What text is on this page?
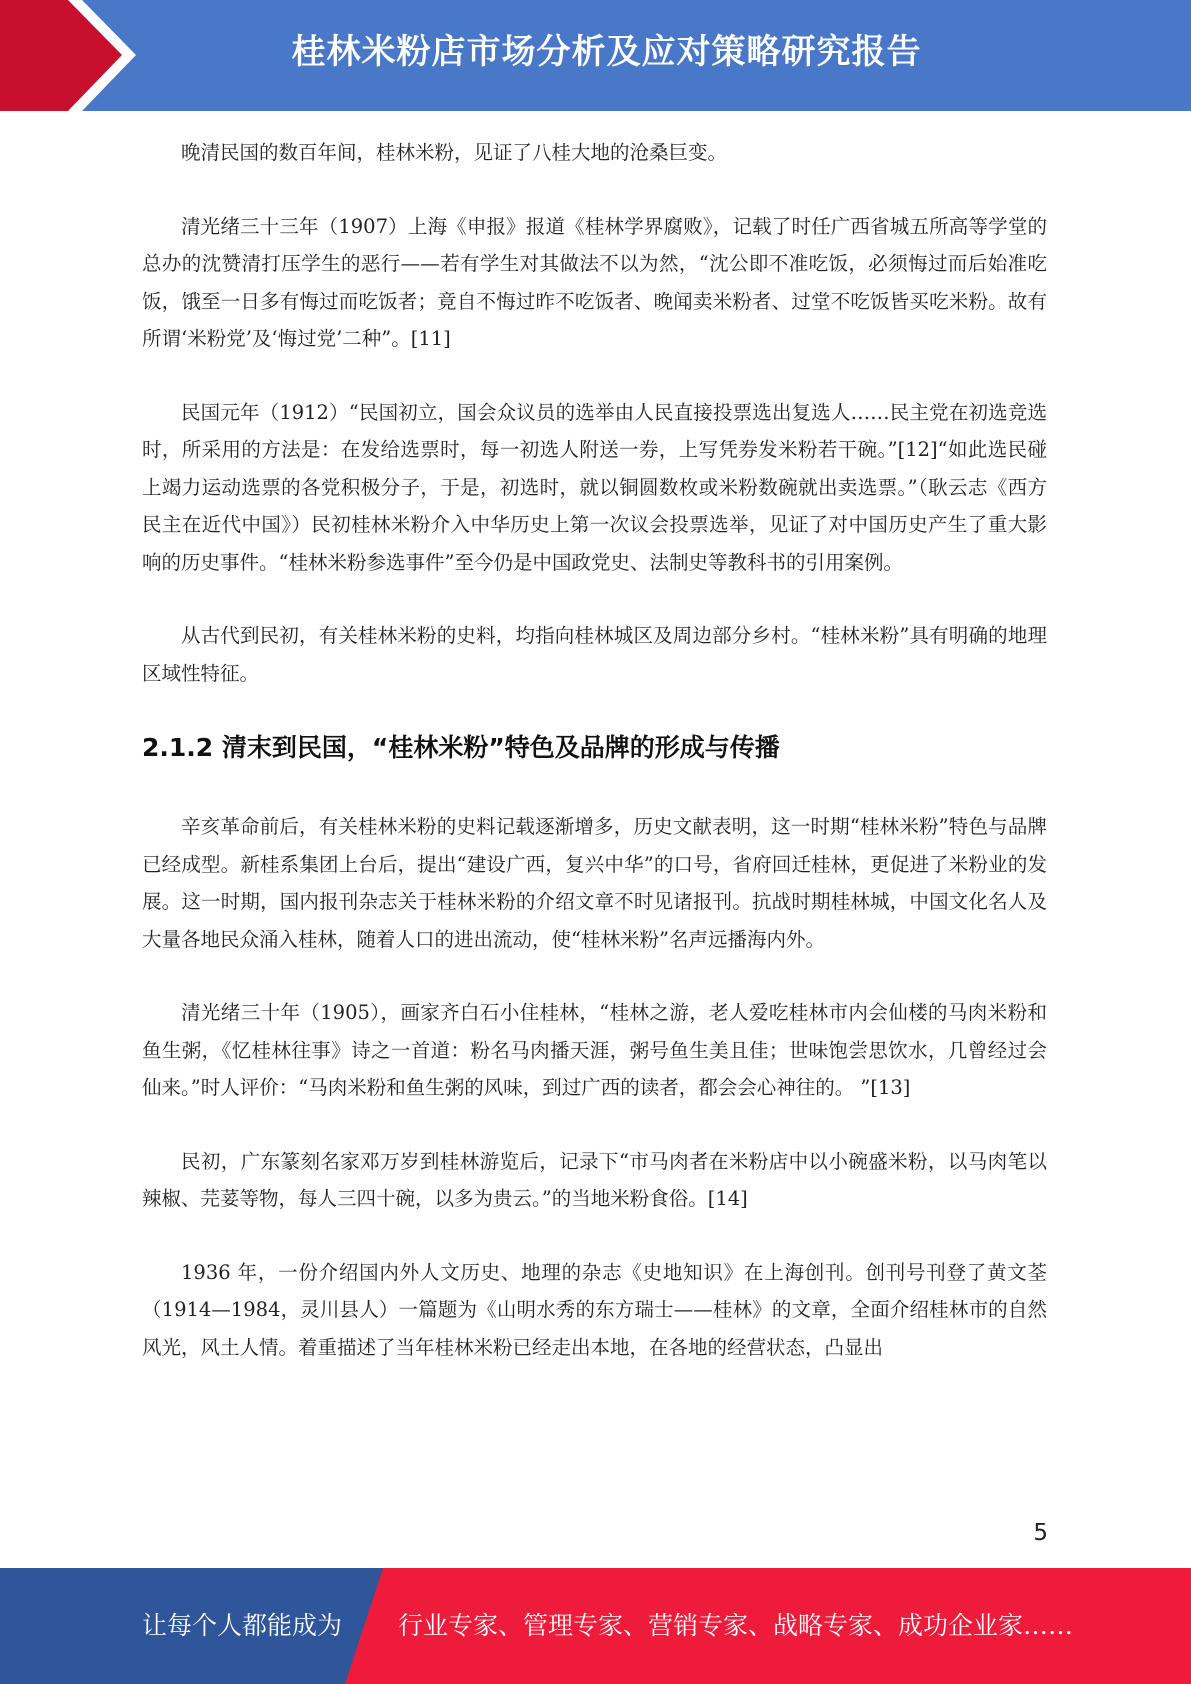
桂林米粉店市场分析及应对策略研究报告

晚清民国的数百年间，桂林米粉，见证了八桂大地的沧桑巨变。

清光绪三十三年（1907）上海《申报》报道《桂林学界腐败》，记载了时任广西省城五所高等学堂的总办的沈赞清打压学生的恶行——若有学生对其做法不以为然，“沈公即不准吃饭，必须悔过而后始准吃饭，饿至一日多有悔过而吃饭者；竟自不悔过昨不吃饭者、晚闻卖米粉者、过堂不吃饭皆买吃米粉。故有所谓‘米粉党’及‘悔过党’二种”。[11]

民国元年（1912）“民国初立，国会众议员的选举由人民直接投票选出复选人……民主党在初选竞选时，所采用的方法是：在发给选票时，每一初选人附送一券，上写凭券发米粉若干碗。”[12]“如此选民碰上竭力运动选票的各党积极分子，于是，初选时，就以铜圆数枚或米粉数碗就出卖选票。”（耿云志《西方民主在近代中国》）民初桂林米粉介入中华历史上第一次议会投票选举，见证了对中国历史产生了重大影响的历史事件。“桂林米粉参选事件”至今仍是中国政党史、法制史等教科书的引用案例。

从古代到民初，有关桂林米粉的史料，均指向桂林城区及周边部分乡村。“桂林米粉”具有明确的地理区域性特征。

2.1.2 清末到民国，“桂林米粉”特色及品牌的形成与传播

辛亥革命前后，有关桂林米粉的史料记载逐渐增多，历史文献表明，这一时期“桂林米粉”特色与品牌已经成型。新桂系集团上台后，提出“建设广西，复兴中华”的口号，省府回迁桂林，更促进了米粉业的发展。这一时期，国内报刊杂志关于桂林米粉的介绍文章不时见诸报刊。抗战时期桂林城，中国文化名人及大量各地民众涌入桂林，随着人口的进出流动，使“桂林米粉”名声远播海内外。

清光绪三十年（1905），画家齐白石小住桂林，“桂林之游，老人爱吃桂林市内会仙楼的马肉米粉和鱼生粥，《忆桂林往事》诗之一首道：粉名马肉播天涯，粥号鱼生美且佳；世味饱尝思饮水，几曾经过会仙来。”时人评价：“马肉米粉和鱼生粥的风味，到过广西的读者，都会会心神往的。 ”[13]

民初，广东篆刻名家邓万岁到桂林游览后，记录下“市马肉者在米粉店中以小碗盛米粉，以马肉笔以辣椒、芫荽等物，每人三四十碗，以多为贵云。”的当地米粉食俗。[14]

1936 年，一份介绍国内外人文历史、地理的杂志《史地知识》在上海创刊。创刊号刊登了黄文荃（1914—1984，灵川县人）一篇题为《山明水秀的东方瑞士——桂林》的文章，全面介绍桂林市的自然风光，风土人情。着重描述了当年桂林米粉已经走出本地，在各地的经营状态，凸显出

5
让每个人都能成为 行业专家、管理专家、营销专家、战略专家、成功企业家……
